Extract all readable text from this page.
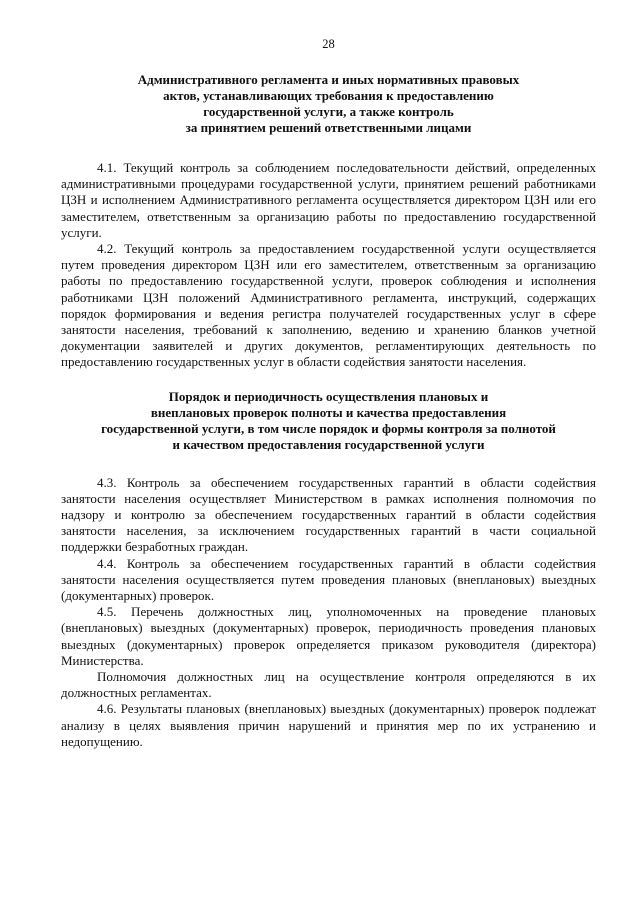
28
Административного регламента и иных нормативных правовых
актов, устанавливающих требования к предоставлению
государственной услуги, а также контроль
за принятием решений ответственными лицами

4.1. Текущий контроль за соблюдением последовательности действий, определенных административными процедурами государственной услуги, принятием решений работниками ЦЗН и исполнением Административного регламента осуществляется директором ЦЗН или его заместителем, ответственным за организацию работы по предоставлению государственной услуги.

4.2. Текущий контроль за предоставлением государственной услуги осуществляется путем проведения директором ЦЗН или его заместителем, ответственным за организацию работы по предоставлению государственной услуги, проверок соблюдения и исполнения работниками ЦЗН положений Административного регламента, инструкций, содержащих порядок формирования и ведения регистра получателей государственных услуг в сфере занятости населения, требований к заполнению, ведению и хранению бланков учетной документации заявителей и других документов, регламентирующих деятельность по предоставлению государственных услуг в области содействия занятости населения.

Порядок и периодичность осуществления плановых и
внеплановых проверок полноты и качества предоставления
государственной услуги, в том числе порядок и формы контроля за полнотой
и качеством предоставления государственной услуги

4.3. Контроль за обеспечением государственных гарантий в области содействия занятости населения осуществляет Министерством в рамках исполнения полномочия по надзору и контролю за обеспечением государственных гарантий в области содействия занятости населения, за исключением государственных гарантий в части социальной поддержки безработных граждан.

4.4. Контроль за обеспечением государственных гарантий в области содействия занятости населения осуществляется путем проведения плановых (внеплановых) выездных (документарных) проверок.

4.5. Перечень должностных лиц, уполномоченных на проведение плановых (внеплановых) выездных (документарных) проверок, периодичность проведения плановых выездных (документарных) проверок определяется приказом руководителя (директора) Министерства.

Полномочия должностных лиц на осуществление контроля определяются в их должностных регламентах.

4.6. Результаты плановых (внеплановых) выездных (документарных) проверок подлежат анализу в целях выявления причин нарушений и принятия мер по их устранению и недопущению.
